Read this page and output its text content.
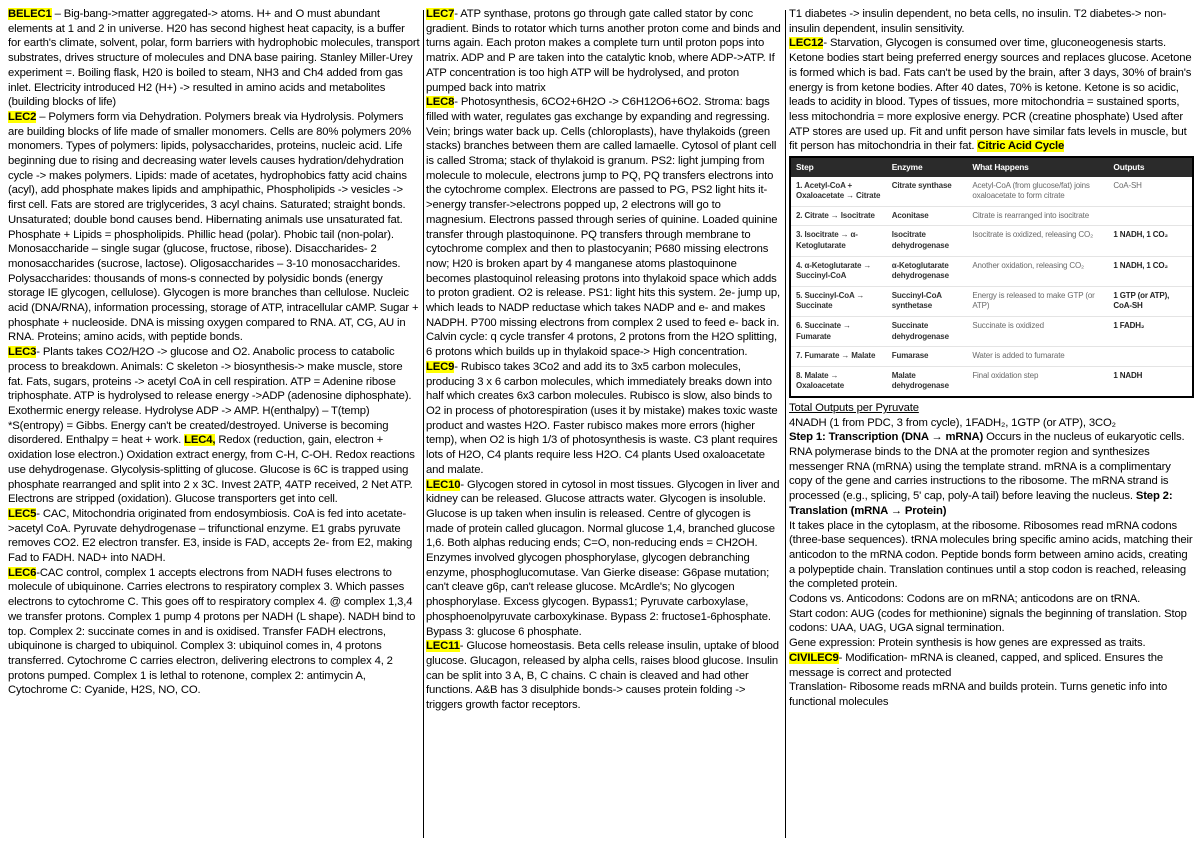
BELEC1 – Big-bang->matter aggregated-> atoms. H+ and O must abundant elements at 1 and 2 in universe. H20 has second highest heat capacity, is a buffer for earth's climate, solvent, polar, form barriers with hydrophobic molecules, transport substrates, drives structure of molecules and DNA base pairing. Stanley Miller-Urey experiment =. Boiling flask, H20 is boiled to steam, NH3 and Ch4 added from gas inlet. Electricity introduced H2 (H+) -> resulted in amino acids and metabolites (building blocks of life)

LEC2 – Polymers form via Dehydration. Polymers break via Hydrolysis. Polymers are building blocks of life made of smaller monomers. Cells are 80% polymers 20% monomers. Types of polymers: lipids, polysaccharides, proteins, nucleic acid. Life beginning due to rising and decreasing water levels causes hydration/dehydration cycle -> makes polymers. Lipids: made of acetates, hydrophobics fatty acid chains (acyl), add phosphate makes lipids and amphipathic, Phospholipids -> vesicles -> first cell. Fats are stored are triglycerides, 3 acyl chains. Saturated; straight bonds. Unsaturated; double bond causes bend. Hibernating animals use unsaturated fat. Phosphate + Lipids = phospholipids. Phillic head (polar). Phobic tail (non-polar). Monosaccharide – single sugar (glucose, fructose, ribose). Disaccharides- 2 monosaccharides (sucrose, lactose). Oligosaccharides – 3-10 monosaccharides. Polysaccharides: thousands of mons-s connected by polysidic bonds (energy storage IE glycogen, cellulose). Glycogen is more branches than cellulose. Nucleic acid (DNA/RNA), information processing, storage of ATP, intracellular cAMP. Sugar + phosphate + nucleoside. DNA is missing oxygen compared to RNA. AT, CG, AU in RNA. Proteins; amino acids, with peptide bonds.

LEC3- Plants takes CO2/H2O -> glucose and O2. Anabolic process to catabolic process to breakdown. Animals: C skeleton -> biosynthesis-> make muscle, store fat. Fats, sugars, proteins -> acetyl CoA in cell respiration. ATP = Adenine ribose triphosphate. ATP is hydrolysed to release energy ->ADP (adenosine diphosphate). Exothermic energy release. Hydrolyse ADP -> AMP. H(enthalpy) – T(temp) *S(entropy) = Gibbs. Energy can't be created/destroyed. Universe is becoming disordered. Enthalpy = heat + work. LEC4, Redox (reduction, gain, electron + oxidation lose electron.) Oxidation extract energy, from C-H, C-OH. Redox reactions use dehydrogenase. Glycolysis-splitting of glucose. Glucose is 6C is trapped using phosphate rearranged and split into 2 x 3C. Invest 2ATP, 4ATP received, 2 Net ATP. Electrons are stripped (oxidation). Glucose transporters get into cell.

LEC5- CAC, Mitochondria originated from endosymbiosis. CoA is fed into acetate->acetyl CoA. Pyruvate dehydrogenase – trifunctional enzyme. E1 grabs pyruvate removes CO2. E2 electron transfer. E3, inside is FAD, accepts 2e- from E2, making Fad to FADH. NAD+ into NADH.

LEC6-CAC control, complex 1 accepts electrons from NADH fuses electrons to molecule of ubiquinone. Carries electrons to respiratory complex 3. Which passes electrons to cytochrome C. This goes off to respiratory complex 4. @ complex 1,3,4 we transfer protons. Complex 1 pump 4 protons per NADH (L shape). NADH bind to top. Complex 2: succinate comes in and is oxidised. Transfer FADH electrons, ubiquinone is charged to ubiquinol. Complex 3: ubiquinol comes in, 4 protons transferred. Cytochrome C carries electron, delivering electrons to complex 4, 2 protons pumped. Complex 1 is lethal to rotenone, complex 2: antimycin A, Cytochrome C: Cyanide, H2S, NO, CO.

LEC7- ATP synthase, protons go through gate called stator by conc gradient. Binds to rotator which turns another proton come and binds and turns again. Each proton makes a complete turn until proton pops into matrix. ADP and P are taken into the catalytic knob, where ADP->ATP. If ATP concentration is too high ATP will be hydrolysed, and proton pumped back into matrix

LEC8- Photosynthesis, 6CO2+6H2O -> C6H12O6+6O2. Stroma: bags filled with water, regulates gas exchange by expanding and regressing. Vein; brings water back up. Cells (chloroplasts), have thylakoids (green stacks) branches between them are called lamaelle. Cytosol of plant cell is called Stroma; stack of thylakoid is granum. PS2: light jumping from molecule to molecule, electrons jump to PQ, PQ transfers electrons into the cytochrome complex. Electrons are passed to PG, PS2 light hits it->energy transfer->electrons popped up, 2 electrons will go to magnesium. Electrons passed through series of quinine. Loaded quinine transfer through plastoquinone. PQ transfers through membrane to cytochrome complex and then to plastocyanin; P680 missing electrons now; H20 is broken apart by 4 manganese atoms plastoquinone becomes plastoquinol releasing protons into thylakoid space which adds to proton gradient. O2 is release. PS1: light hits this system. 2e- jump up, which leads to NADP reductase which takes NADP and e- and makes NADPH. P700 missing electrons from complex 2 used to feed e- back in. Calvin cycle: q cycle transfer 4 protons, 2 protons from the H2O splitting, 6 protons which builds up in thylakoid space-> High concentration.

LEC9- Rubisco takes 3Co2 and add its to 3x5 carbon molecules, producing 3 x 6 carbon molecules, which immediately breaks down into half which creates 6x3 carbon molecules. Rubisco is slow, also binds to O2 in process of photorespiration (uses it by mistake) makes toxic waste product and wastes H2O. Faster rubisco makes more errors (higher temp), when O2 is high 1/3 of photosynthesis is waste. C3 plant requires lots of H2O, C4 plants require less H2O. C4 plants Used oxaloacetate and malate.

LEC10- Glycogen stored in cytosol in most tissues. Glycogen in liver and kidney can be released. Glucose attracts water. Glycogen is insoluble. Glucose is up taken when insulin is released. Centre of glycogen is made of protein called glucagon. Normal glucose 1,4, branched glucose 1,6. Both alphas reducing ends; C=O, non-reducing ends = CH2OH. Enzymes involved glycogen phosphorylase, glycogen debranching enzyme, phosphoglucomutase. Van Gierke disease: G6pase mutation; can't cleave g6p, can't release glucose. McArdle's; No glycogen phosphorylase. Excess glycogen. Bypass1; Pyruvate carboxylase, phosphoenolpyruvate carboxykinase. Bypass 2: fructose1-6phosphate. Bypass 3: glucose 6 phosphate.

LEC11- Glucose homeostasis. Beta cells release insulin, uptake of blood glucose. Glucagon, released by alpha cells, raises blood glucose. Insulin can be split into 3 A, B, C chains. C chain is cleaved and had other functions. A&B has 3 disulphide bonds-> causes protein folding -> triggers growth factor receptors.

T1 diabetes -> insulin dependent, no beta cells, no insulin. T2 diabetes-> non-insulin dependent, insulin sensitivity.

LEC12- Starvation, Glycogen is consumed over time, gluconeogenesis starts. Ketone bodies start being preferred energy sources and replaces glucose. Acetone is formed which is bad. Fats can't be used by the brain, after 3 days, 30% of brain's energy is from ketone bodies. After 40 dates, 70% is ketone. Ketone is so acidic, leads to acidity in blood. Types of tissues, more mitochondria = sustained sports, less mitochondria = more explosive energy. PCR (creatine phosphate) Used after ATP stores are used up. Fit and unfit person have similar fats levels in muscle, but fit person has mitochondria in their fat. Citric Acid Cycle

Step	Enzyme	What Happens	Outputs
1. Acetyl-CoA + Oxaloacetate → Citrate	Citrate synthase	Acetyl-CoA (from glucose/fat) joins oxaloacetate to form citrate	CoA-SH
2. Citrate → Isocitrate	Aconitase	Citrate is rearranged into isocitrate	
3. Isocitrate → α-Ketoglutarate	Isocitrate dehydrogenase	Isocitrate is oxidized, releasing CO₂	1 NADH, 1 CO₂
4. α-Ketoglutarate → Succinyl-CoA	α-Ketoglutarate dehydrogenase	Another oxidation, releasing CO₂	1 NADH, 1 CO₂
5. Succinyl-CoA → Succinate	Succinyl-CoA synthetase	Energy is released to make GTP (or ATP)	1 GTP (or ATP), CoA-SH
6. Succinate → Fumarate	Succinate dehydrogenase	Succinate is oxidized	1 FADH₂
7. Fumarate → Malate	Fumarase	Water is added to fumarate	
8. Malate → Oxaloacetate	Malate dehydrogenase	Final oxidation step	1 NADH

Total Outputs per Pyruvate

4NADH (1 from PDC, 3 from cycle), 1FADH₂, 1GTP (or ATP), 3CO₂

Step 1: Transcription (DNA → mRNA) Occurs in the nucleus of eukaryotic cells. RNA polymerase binds to the DNA at the promoter region and synthesizes messenger RNA (mRNA) using the template strand. mRNA is a complimentary copy of the gene and carries instructions to the ribosome. The mRNA strand is processed (e.g., splicing, 5' cap, poly-A tail) before leaving the nucleus. Step 2: Translation (mRNA → Protein)

It takes place in the cytoplasm, at the ribosome. Ribosomes read mRNA codons (three-base sequences). tRNA molecules bring specific amino acids, matching their anticodon to the mRNA codon. Peptide bonds form between amino acids, creating a polypeptide chain. Translation continues until a stop codon is reached, releasing the completed protein.

Codons vs. Anticodons: Codons are on mRNA; anticodons are on tRNA.

Start codon: AUG (codes for methionine) signals the beginning of translation. Stop codons: UAA, UAG, UGA signal termination.

Gene expression: Protein synthesis is how genes are expressed as traits.

CIVILEC9- Modification- mRNA is cleaned, capped, and spliced. Ensures the message is correct and protected

Translation- Ribosome reads mRNA and builds protein. Turns genetic info into functional molecules
